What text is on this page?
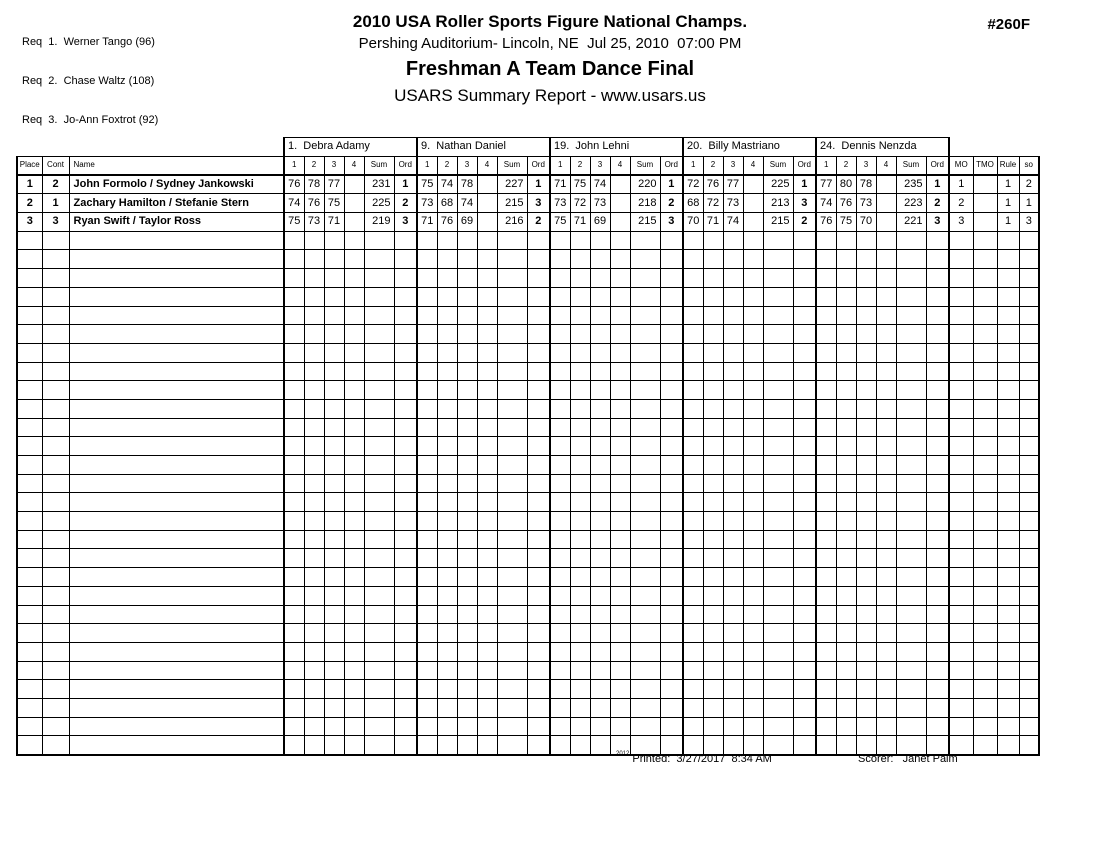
Req  1.  Werner Tango (96)

Req  2.  Chase Waltz (108)

Req  3.  Jo-Ann Foxtrot (92)

2010 USA Roller Sports Figure National Champs.
Pershing Auditorium- Lincoln, NE  Jul 25, 2010  07:00 PM
Freshman A Team Dance Final
USARS Summary Report - www.usars.us
#260F
			1.  Debra Adamy						9.  Nathan Daniel						19.  John Lehni						20.  Billy Mastriano						24.  Dennis Nenzda									
Place	Cont	Name	1	2	3	4	Sum	Ord	1	2	3	4	Sum	Ord	1	2	3	4	Sum	Ord	1	2	3	4	Sum	Ord	1	2	3	4	Sum	Ord	MO	TMO	Rule	so
1	2	John Formolo / Sydney Jankowski	76	78	77		231	1	75	74	78		227	1	71	75	74		220	1	72	76	77		225	1	77	80	78		235	1	1		1	2
2	1	Zachary Hamilton / Stefanie Stern	74	76	75		225	2	73	68	74		215	3	73	72	73		218	2	68	72	73		213	3	74	76	73		223	2	2		1	1
3	3	Ryan Swift / Taylor Ross	75	73	71		219	3	71	76	69		216	2	75	71	69		215	3	70	71	74		215	2	76	75	70		221	3	3		1	3

$^{2012}$ Printed: 3/27/2017  8:34 AM	Scorer: Janet Palm
